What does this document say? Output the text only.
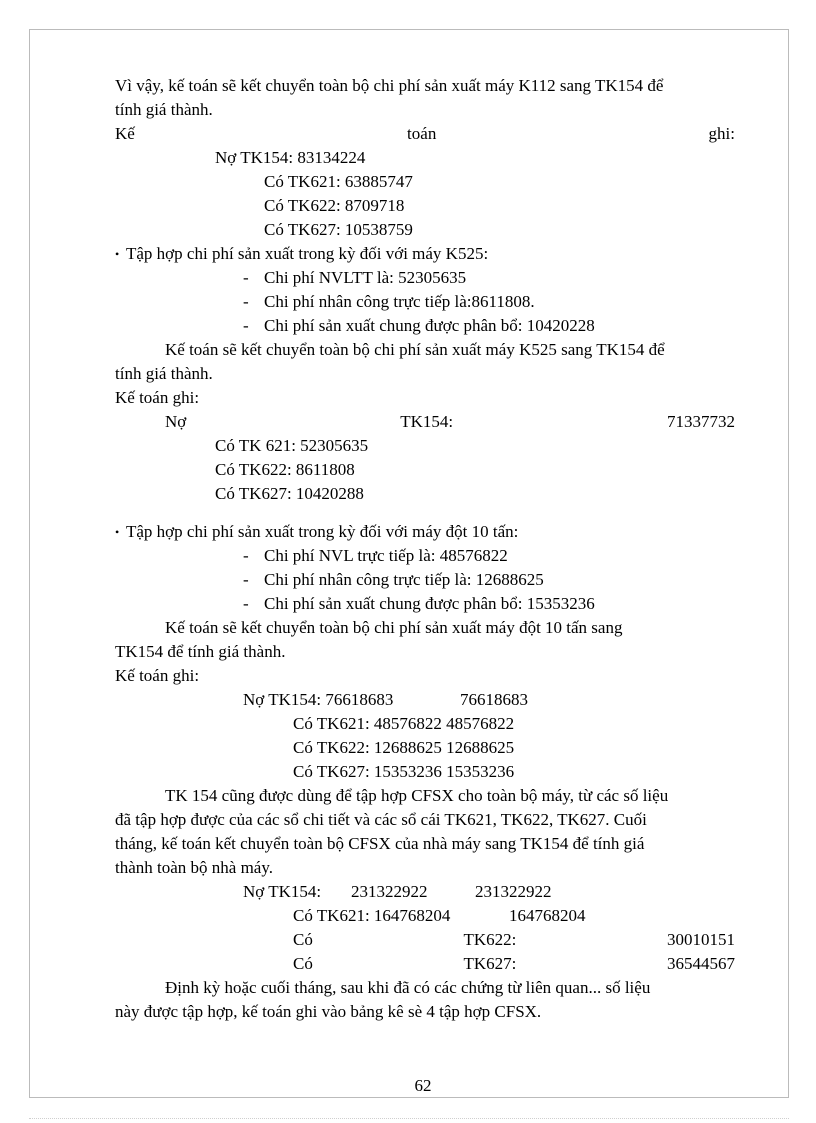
Vì vậy, kế toán sẽ kết chuyển toàn bộ chi phí sản xuất máy K112 sang TK154 để
tính giá thành.
Kế	toán	ghi:
Nợ TK154: 83134224
Có TK621: 63885747
Có TK622: 8709718
Có TK627: 10538759
• Tập hợp chi phí sản xuất trong kỳ đối với máy K525:
- Chi phí NVLTT là: 52305635
- Chi phí nhân công trực tiếp là:8611808.
- Chi phí sản xuất chung được phân bổ: 10420228
Kế toán sẽ kết chuyển toàn bộ chi phí sản xuất máy K525 sang TK154 để
tính giá thành.
Kế toán ghi:
Nợ	TK154:	71337732
Có TK 621: 52305635
Có TK622: 8611808
Có TK627: 10420288
• Tập hợp chi phí sản xuất trong kỳ đối với máy đột 10 tấn:
- Chi phí NVL trực tiếp là: 48576822
- Chi phí nhân công trực tiếp là: 12688625
- Chi phí sản xuất chung được phân bổ: 15353236
Kế toán sẽ kết chuyển toàn bộ chi phí sản xuất máy đột 10 tấn sang
TK154 để tính giá thành.
Kế toán ghi:
Nợ TK154: 76618683	76618683
Có TK621: 48576822 48576822
Có TK622: 12688625 12688625
Có TK627: 15353236 15353236
TK 154 cũng được dùng để tập hợp CFSX cho toàn bộ máy, từ các số liệu
đã tập hợp được của các sổ chi tiết và các sổ cái TK621, TK622, TK627. Cuối
tháng, kế toán kết chuyển toàn bộ CFSX của nhà máy sang TK154 để tính giá
thành toàn bộ nhà máy.
Nợ TK154: 231322922	231322922
Có TK621: 164768204	164768204
Có	TK622:	30010151
Có	TK627:	36544567
Định kỳ hoặc cuối tháng, sau khi đã có các chứng từ liên quan... số liệu
này được tập hợp, kế toán ghi vào bảng kê sè 4 tập hợp CFSX.
62
